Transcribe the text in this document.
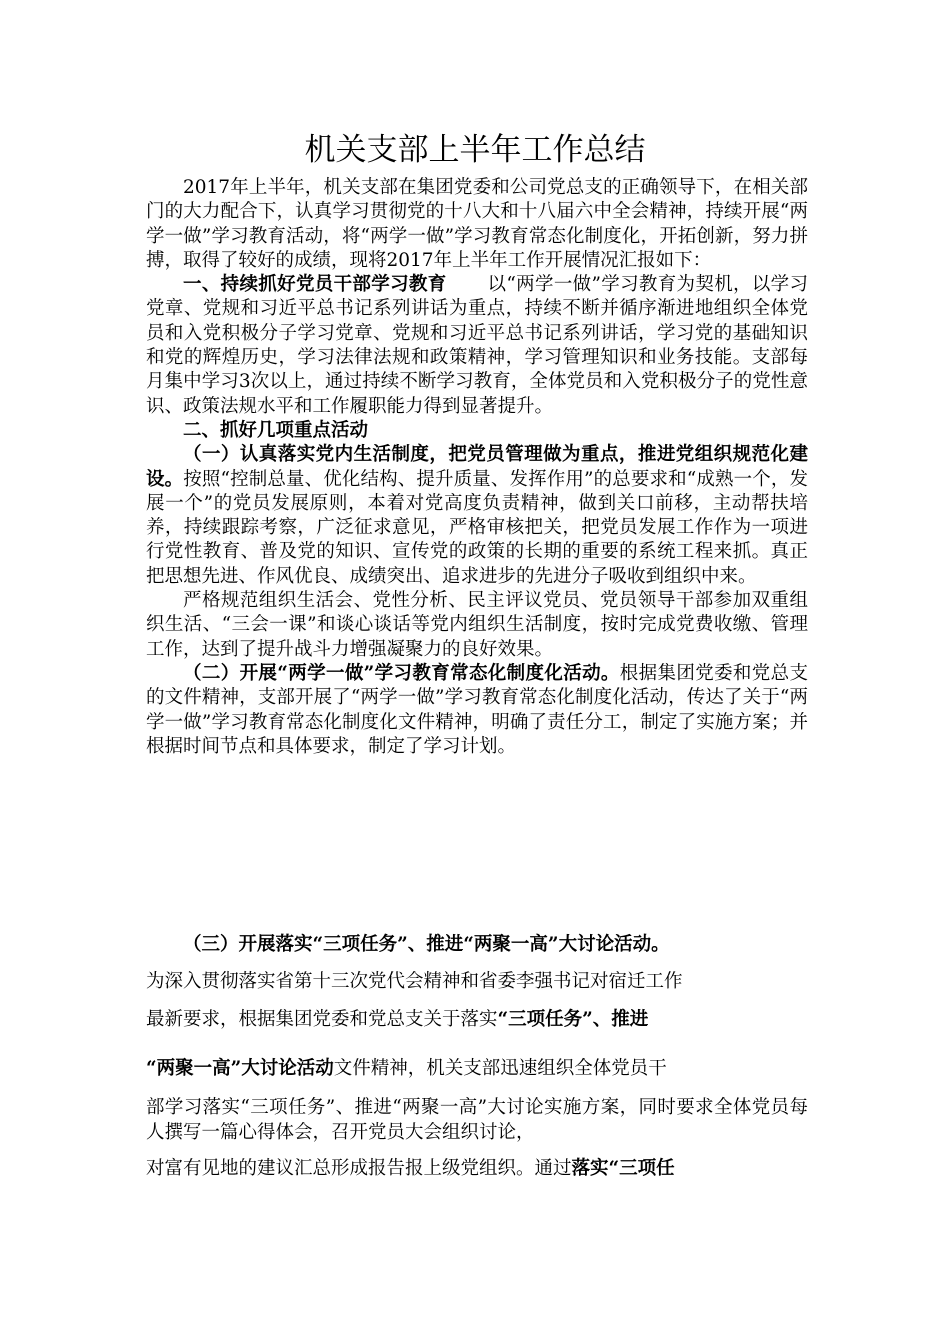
机关支部上半年工作总结

2017年上半年，机关支部在集团党委和公司党总支的正确领导下，在相关部门的大力配合下，认真学习贯彻党的十八大和十八届六中全会精神，持续开展“两学一做”学习教育活动，将“两学一做”学习教育常态化制度化，开拓创新，努力拼搏，取得了较好的成绩，现将2017年上半年工作开展情况汇报如下：

一、持续抓好党员干部学习教育 以“两学一做”学习教育为契机，以学习党章、党规和习近平总书记系列讲话为重点，持续不断并循序渐进地组织全体党员和入党积极分子学习党章、党规和习近平总书记系列讲话，学习党的基础知识和党的辉煌历史，学习法律法规和政策精神，学习管理知识和业务技能。支部每月集中学习3次以上，通过持续不断学习教育，全体党员和入党积极分子的党性意识、政策法规水平和工作履职能力得到显著提升。

二、抓好几项重点活动

（一）认真落实党内生活制度，把党员管理做为重点，推进党组织规范化建设。按照“控制总量、优化结构、提升质量、发挥作用”的总要求和“成熟一个，发展一个”的党员发展原则，本着对党高度负责精神，做到关口前移，主动帮扶培养，持续跟踪考察，广泛征求意见，严格审核把关，把党员发展工作作为一项进行党性教育、普及党的知识、宣传党的政策的长期的重要的系统工程来抓。真正把思想先进、作风优良、成绩突出、追求进步的先进分子吸收到组织中来。

严格规范组织生活会、党性分析、民主评议党员、党员领导干部参加双重组织生活、“三会一课”和谈心谈话等党内组织生活制度，按时完成党费收缴、管理工作，达到了提升战斗力增强凝聚力的良好效果。

（二）开展“两学一做”学习教育常态化制度化活动。根据集团党委和党总支的文件精神，支部开展了“两学一做”学习教育常态化制度化活动，传达了关于“两学一做”学习教育常态化制度化文件精神，明确了责任分工，制定了实施方案；并根据时间节点和具体要求，制定了学习计划。

（三）开展落实“三项任务”、推进“两聚一高”大讨论活动。

为深入贯彻落实省第十三次党代会精神和省委李强书记对宿迁工作

最新要求，根据集团党委和党总支关于落实“三项任务”、推进

“两聚一高”大讨论活动文件精神，机关支部迅速组织全体党员干

部学习落实“三项任务”、推进“两聚一高”大讨论实施方案，同时要求全体党员每人撰写一篇心得体会，召开党员大会组织讨论，

对富有见地的建议汇总形成报告报上级党组织。通过落实“三项任
